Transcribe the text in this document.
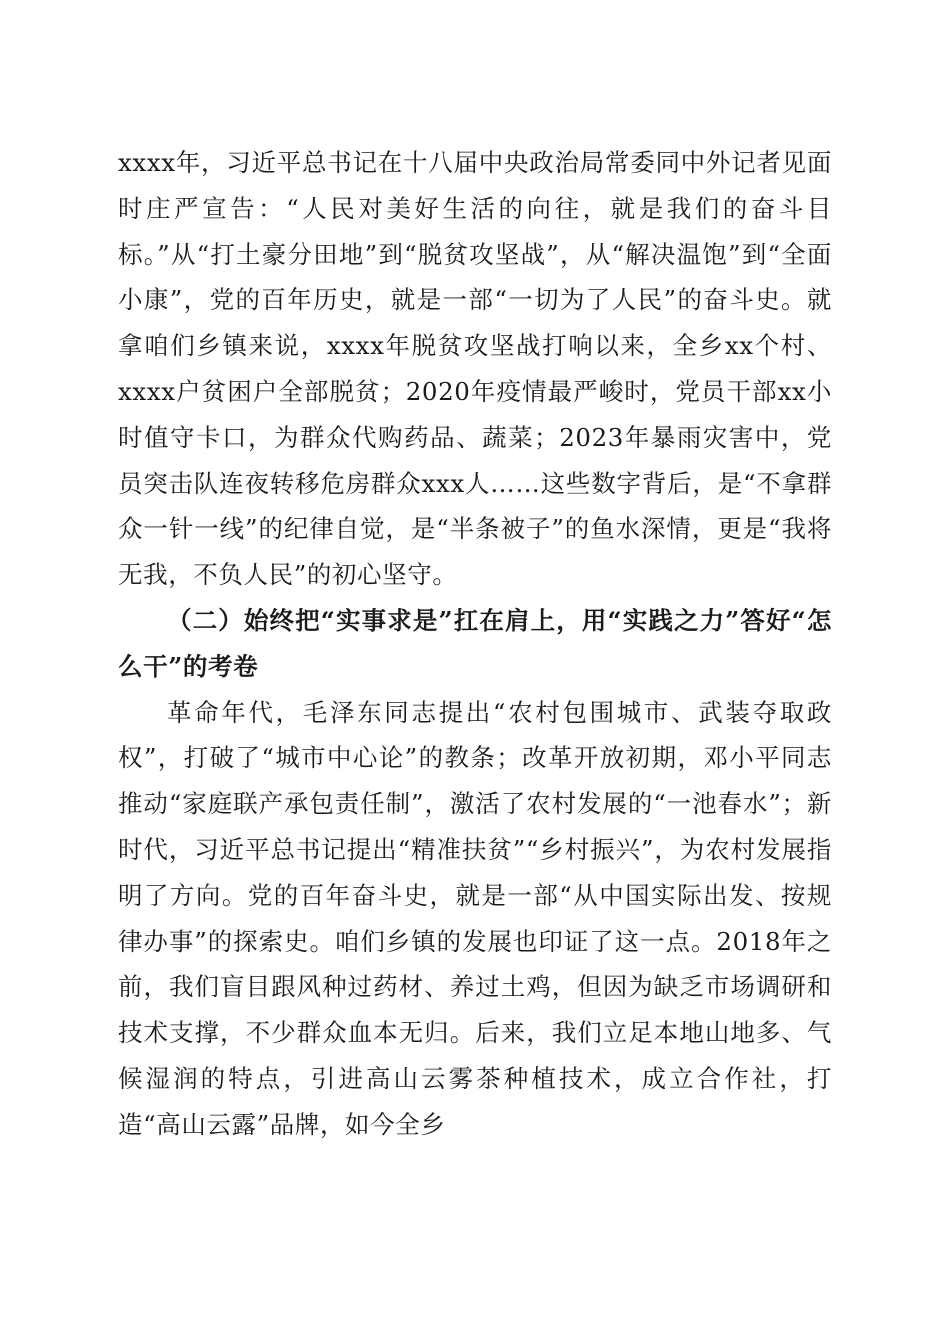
xxxx年，习近平总书记在十八届中央政治局常委同中外记者见面时庄严宣告：“人民对美好生活的向往，就是我们的奋斗目标。”从“打土豪分田地”到“脱贫攻坚战”，从“解决温饱”到“全面小康”，党的百年历史，就是一部“一切为了人民”的奋斗史。就拿咱们乡镇来说，xxxx年脱贫攻坚战打响以来，全乡xx个村、xxxx户贫困户全部脱贫；2020年疫情最严峻时，党员干部xx小时值守卡口，为群众代购药品、蔬菜；2023年暴雨灾害中，党员突击队连夜转移危房群众xxx人……这些数字背后，是“不拿群众一针一线”的纪律自觉，是“半条被子”的鱼水深情，更是“我将无我，不负人民”的初心坚守。

（二）始终把“实事求是”扛在肩上，用“实践之力”答好“怎么干”的考卷

革命年代，毛泽东同志提出“农村包围城市、武装夺取政权”，打破了“城市中心论”的教条；改革开放初期，邓小平同志推动“家庭联产承包责任制”，激活了农村发展的“一池春水”；新时代，习近平总书记提出“精准扶贫”“乡村振兴”，为农村发展指明了方向。党的百年奋斗史，就是一部“从中国实际出发、按规律办事”的探索史。咱们乡镇的发展也印证了这一点。2018年之前，我们盲目跟风种过药材、养过土鸡，但因为缺乏市场调研和技术支撑，不少群众血本无归。后来，我们立足本地山地多、气候湿润的特点，引进高山云雾茶种植技术，成立合作社，打造“高山云露”品牌，如今全乡
